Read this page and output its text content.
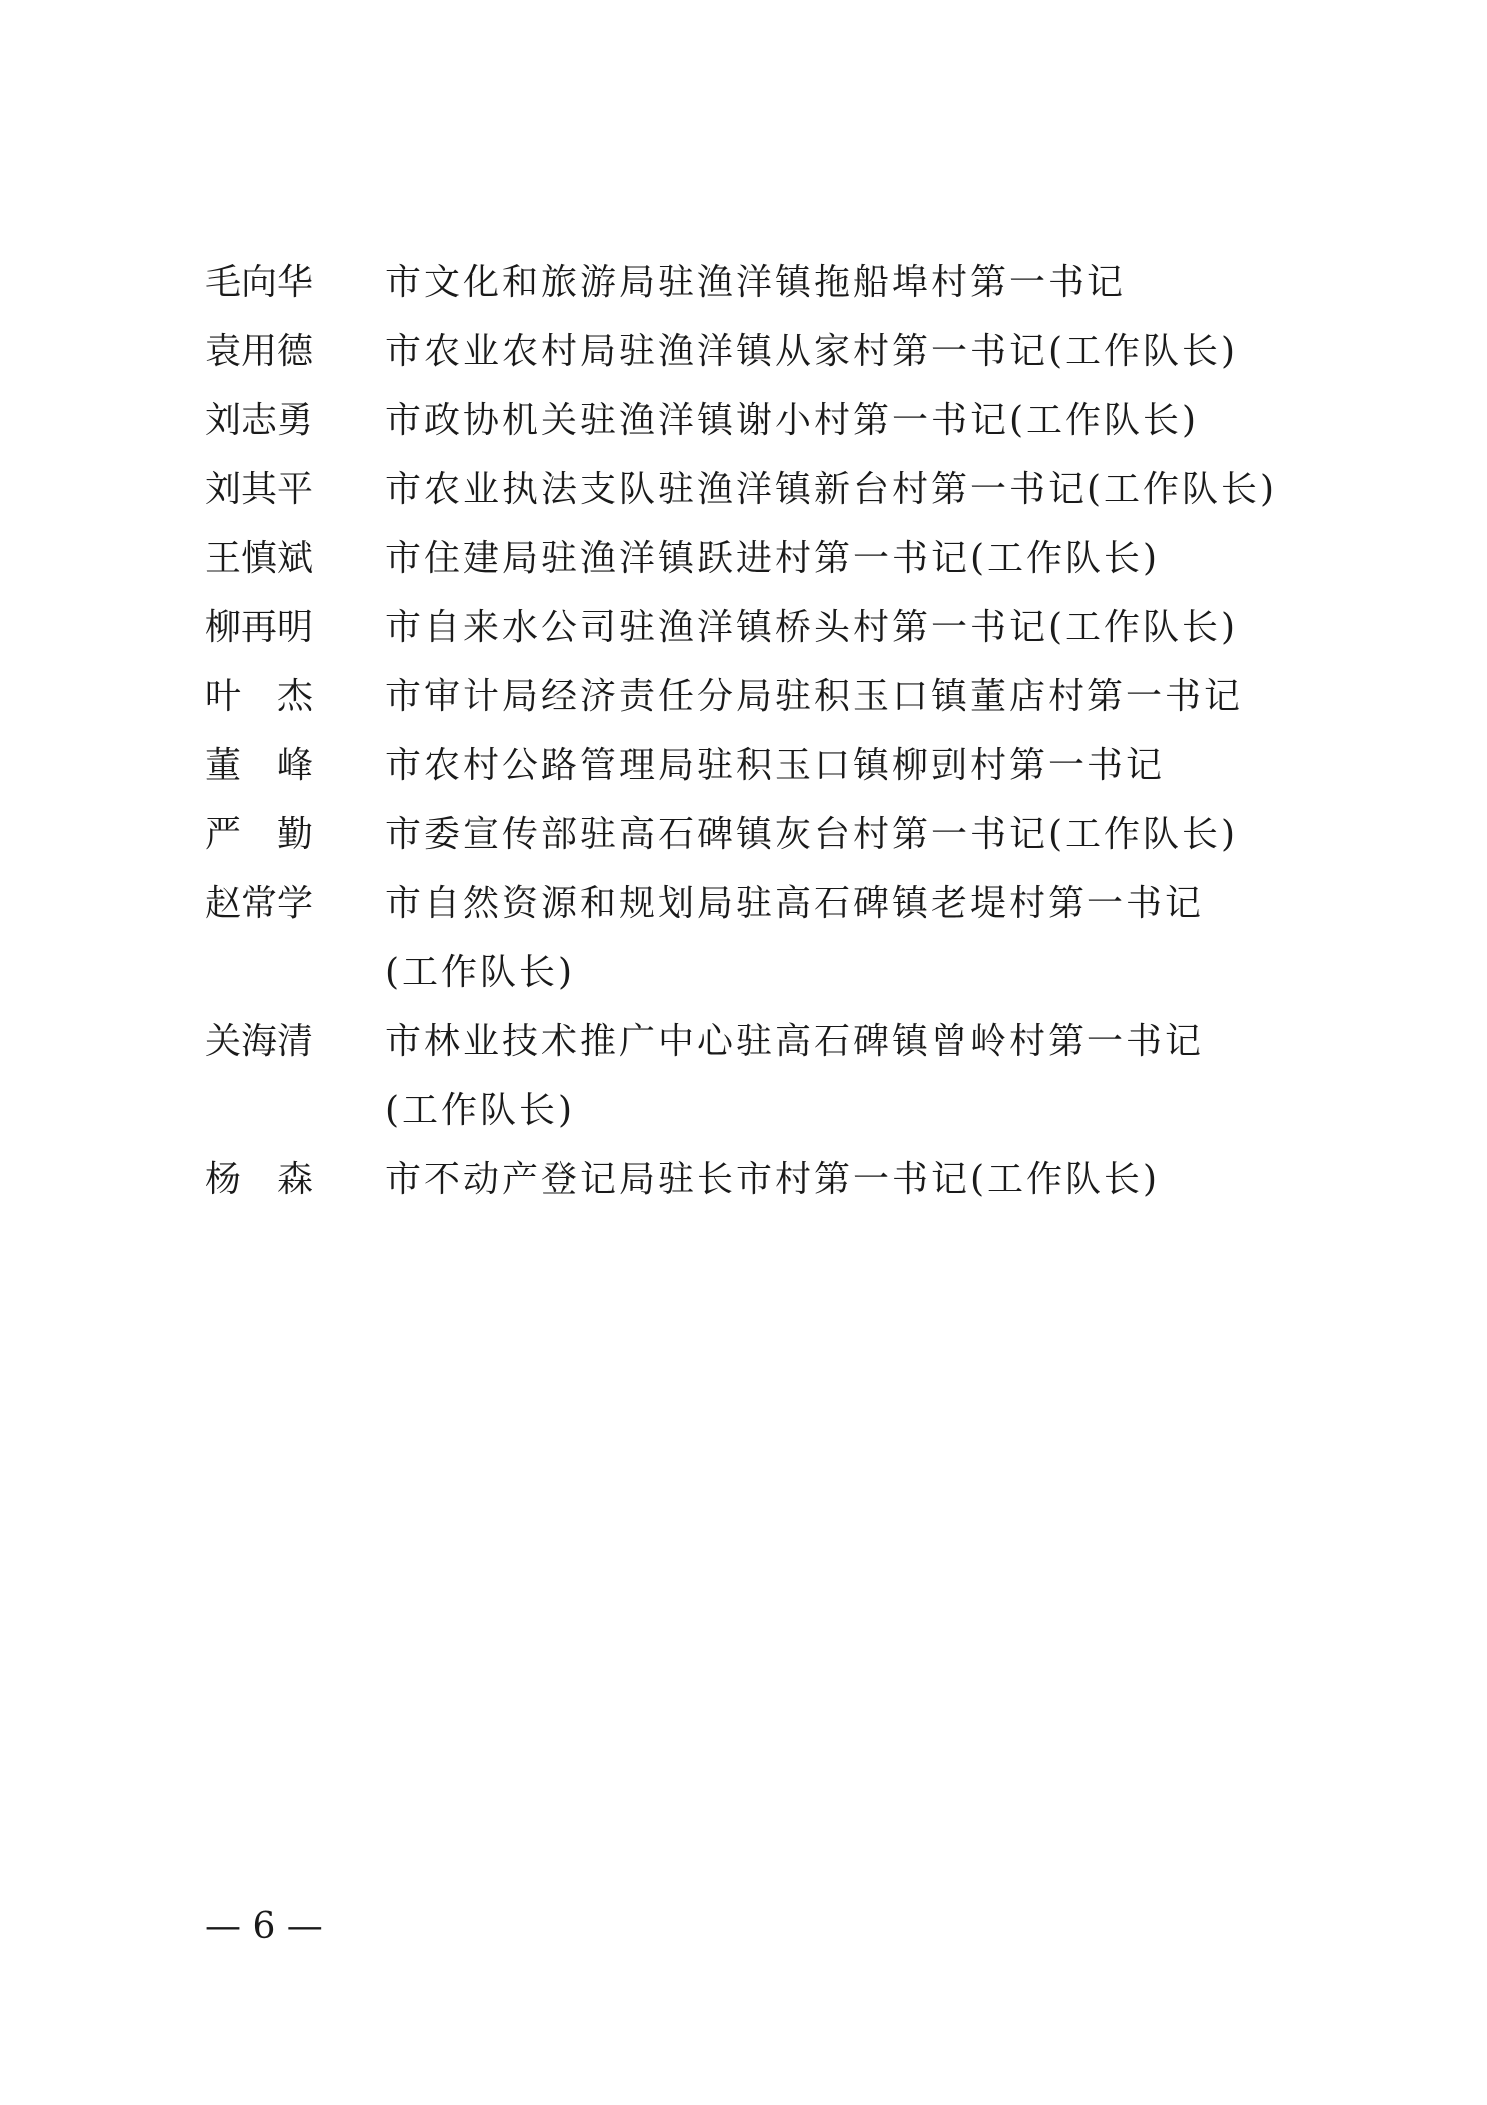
毛向华	市文化和旅游局驻渔洋镇拖船埠村第一书记
袁用德	市农业农村局驻渔洋镇从家村第一书记(工作队长)
刘志勇	市政协机关驻渔洋镇谢小村第一书记(工作队长)
刘其平	市农业执法支队驻渔洋镇新台村第一书记(工作队长)
王慎斌	市住建局驻渔洋镇跃进村第一书记(工作队长)
柳再明	市自来水公司驻渔洋镇桥头村第一书记(工作队长)
叶　杰	市审计局经济责任分局驻积玉口镇董店村第一书记
董　峰	市农村公路管理局驻积玉口镇柳剅村第一书记
严　勤	市委宣传部驻高石碑镇灰台村第一书记(工作队长)
赵常学	市自然资源和规划局驻高石碑镇老堤村第一书记
(工作队长)
关海清	市林业技术推广中心驻高石碑镇曾岭村第一书记
(工作队长)
杨　森	市不动产登记局驻长市村第一书记(工作队长)
— 6 —
